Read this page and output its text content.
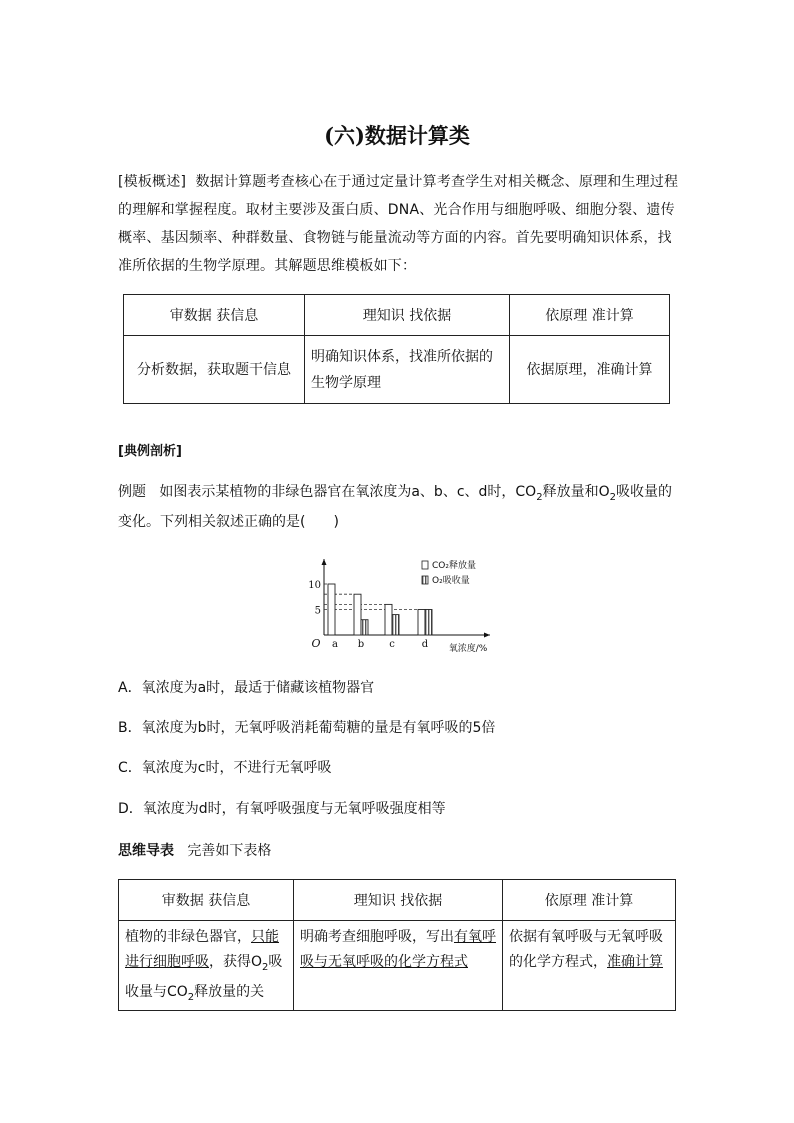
(六)数据计算类

[模板概述] 数据计算题考查核心在于通过定量计算考查学生对相关概念、原理和生理过程的理解和掌握程度。取材主要涉及蛋白质、DNA、光合作用与细胞呼吸、细胞分裂、遗传概率、基因频率、种群数量、食物链与能量流动等方面的内容。首先要明确知识体系，找准所依据的生物学原理。其解题思维模板如下：

审数据 获信息	理知识 找依据	依原理 准计算
分析数据，获取题干信息	明确知识体系，找准所依据的生物学原理	依据原理，准确计算

[典例剖析]

例题 如图表示某植物的非绿色器官在氧浓度为a、b、c、d时，$CO_2$释放量和$O_2$吸收量的变化。下列相关叙述正确的是(　　)

a b c	d
5
10
O	氧浓度/%
CO₂释放量
O₂吸收量

A．氧浓度为a时，最适于储藏该植物器官

B．氧浓度为b时，无氧呼吸消耗葡萄糖的量是有氧呼吸的5倍

C．氧浓度为c时，不进行无氧呼吸

D．氧浓度为d时，有氧呼吸强度与无氧呼吸强度相等

思维导表 完善如下表格

审数据 获信息	理知识 找依据	依原理 准计算
植物的非绿色器官，只能进行细胞呼吸，获得$O_2$吸收量与$CO_2$释放量的关	明确考查细胞呼吸，写出有氧呼吸与无氧呼吸的化学方程式	依据有氧呼吸与无氧呼吸的化学方程式，准确计算
